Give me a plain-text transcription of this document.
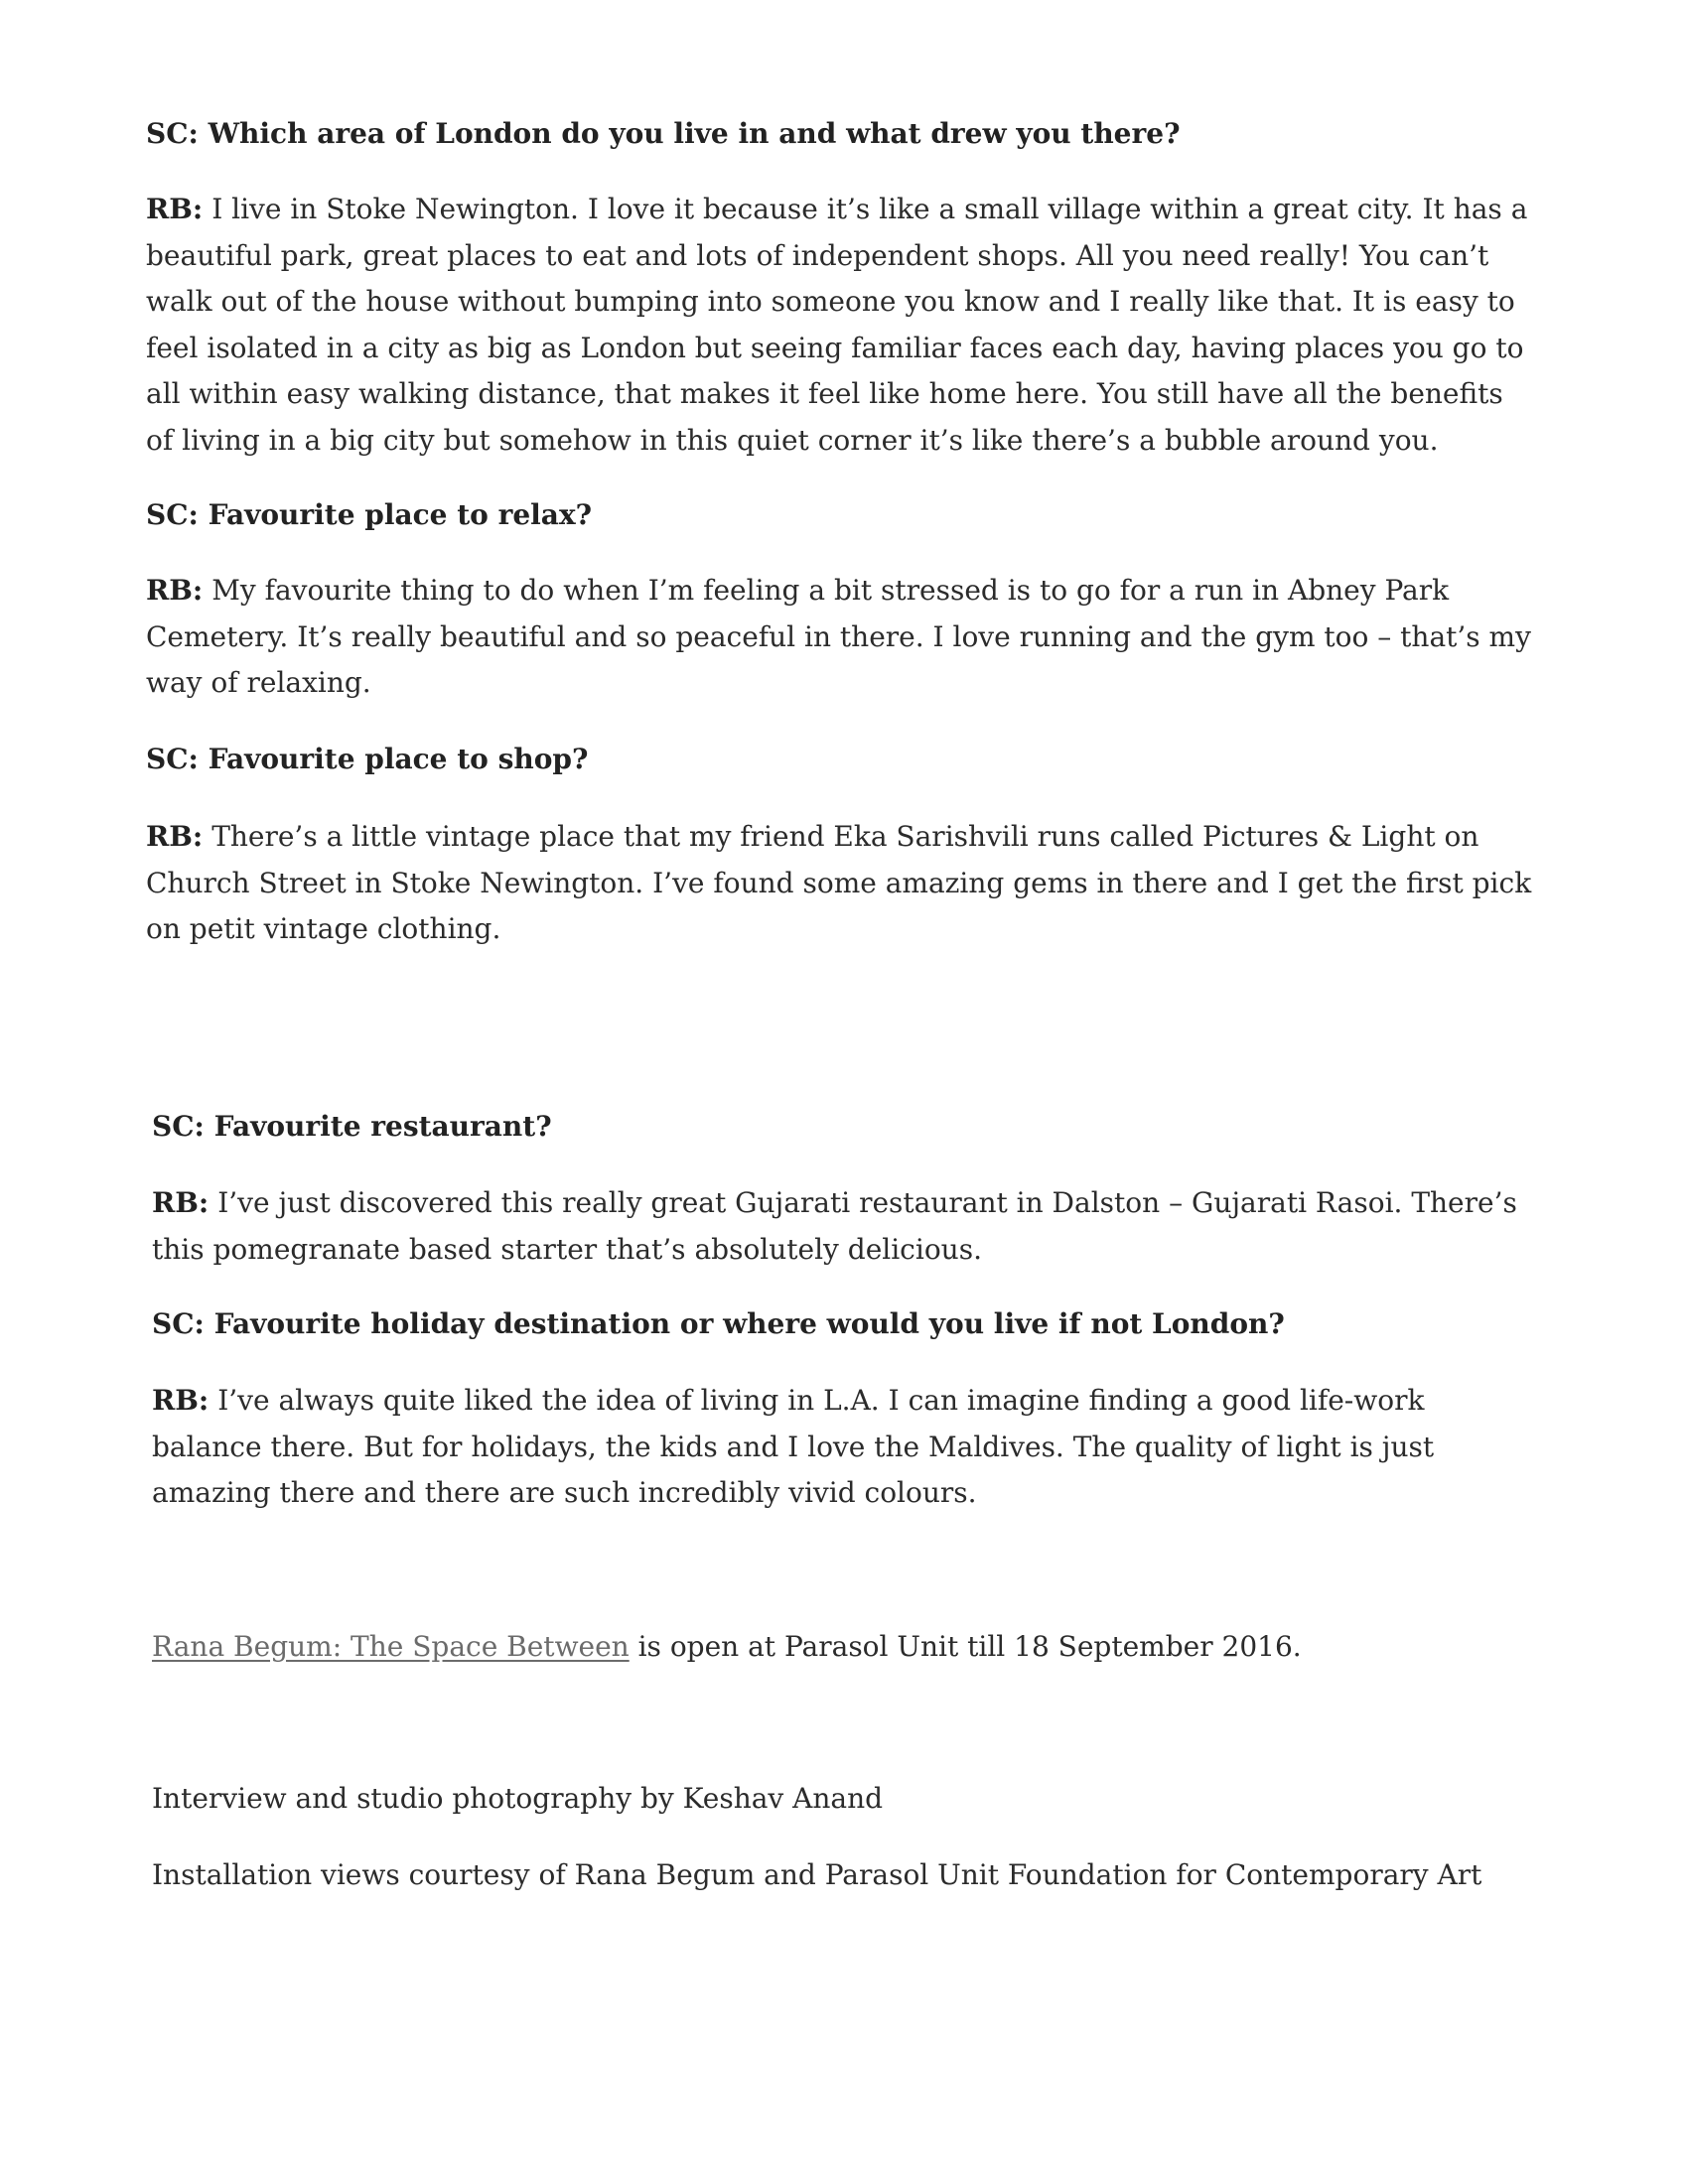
SC: Which area of London do you live in and what drew you there?

RB: I live in Stoke Newington. I love it because it’s like a small village within a great city. It has a beautiful park, great places to eat and lots of independent shops. All you need really! You can’t walk out of the house without bumping into someone you know and I really like that. It is easy to feel isolated in a city as big as London but seeing familiar faces each day, having places you go to all within easy walking distance, that makes it feel like home here. You still have all the benefits of living in a big city but somehow in this quiet corner it’s like there’s a bubble around you.

SC: Favourite place to relax?

RB: My favourite thing to do when I’m feeling a bit stressed is to go for a run in Abney Park Cemetery. It’s really beautiful and so peaceful in there. I love running and the gym too – that’s my way of relaxing.

SC: Favourite place to shop?

RB: There’s a little vintage place that my friend Eka Sarishvili runs called Pictures & Light on Church Street in Stoke Newington. I’ve found some amazing gems in there and I get the first pick on petit vintage clothing.

SC: Favourite restaurant?

RB: I’ve just discovered this really great Gujarati restaurant in Dalston – Gujarati Rasoi. There’s this pomegranate based starter that’s absolutely delicious.

SC: Favourite holiday destination or where would you live if not London?

RB: I’ve always quite liked the idea of living in L.A. I can imagine finding a good life-work balance there. But for holidays, the kids and I love the Maldives. The quality of light is just amazing there and there are such incredibly vivid colours.

Rana Begum: The Space Between is open at Parasol Unit till 18 September 2016.

Interview and studio photography by Keshav Anand

Installation views courtesy of Rana Begum and Parasol Unit Foundation for Contemporary Art
